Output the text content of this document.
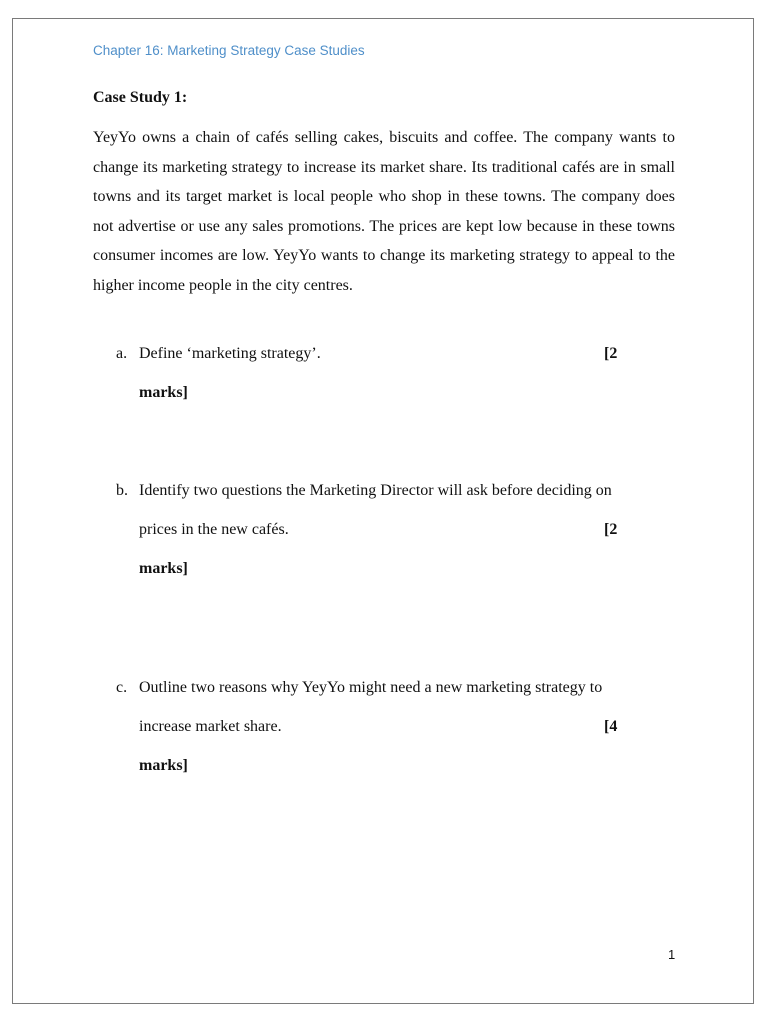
Chapter 16: Marketing Strategy Case Studies
Case Study 1:

YeyYo owns a chain of cafés selling cakes, biscuits and coffee. The company wants to change its marketing strategy to increase its market share. Its traditional cafés are in small towns and its target market is local people who shop in these towns. The company does not advertise or use any sales promotions. The prices are kept low because in these towns consumer incomes are low. YeyYo wants to change its marketing strategy to appeal to the higher income people in the city centres.

a. Define ‘marketing strategy’.	[2
marks]
b. Identify two questions the Marketing Director will ask before deciding on
prices in the new cafés.	[2
marks]
c. Outline two reasons why YeyYo might need a new marketing strategy to
increase market share.	[4
marks]
1
